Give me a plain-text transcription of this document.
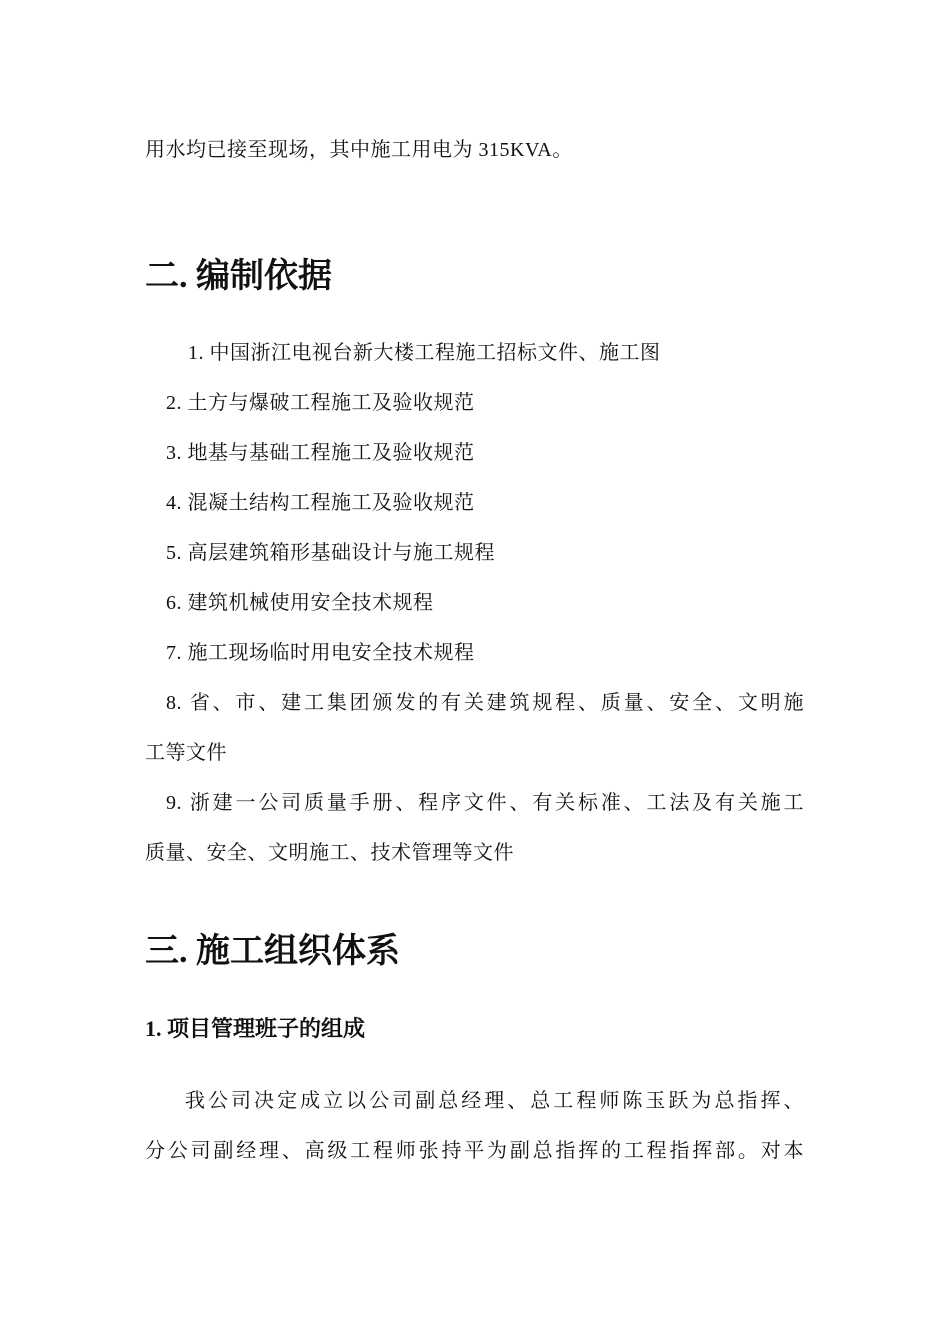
用水均已接至现场，其中施工用电为 315KVA。
二. 编制依据
1. 中国浙江电视台新大楼工程施工招标文件、施工图
2. 土方与爆破工程施工及验收规范
3. 地基与基础工程施工及验收规范
4. 混凝土结构工程施工及验收规范
5. 高层建筑箱形基础设计与施工规程
6. 建筑机械使用安全技术规程
7. 施工现场临时用电安全技术规程
8. 省、市、建工集团颁发的有关建筑规程、质量、安全、文明施
工等文件
9. 浙建一公司质量手册、程序文件、有关标准、工法及有关施工
质量、安全、文明施工、技术管理等文件
三. 施工组织体系
1. 项目管理班子的组成
我公司决定成立以公司副总经理、总工程师陈玉跃为总指挥、
分公司副经理、高级工程师张持平为副总指挥的工程指挥部。对本
